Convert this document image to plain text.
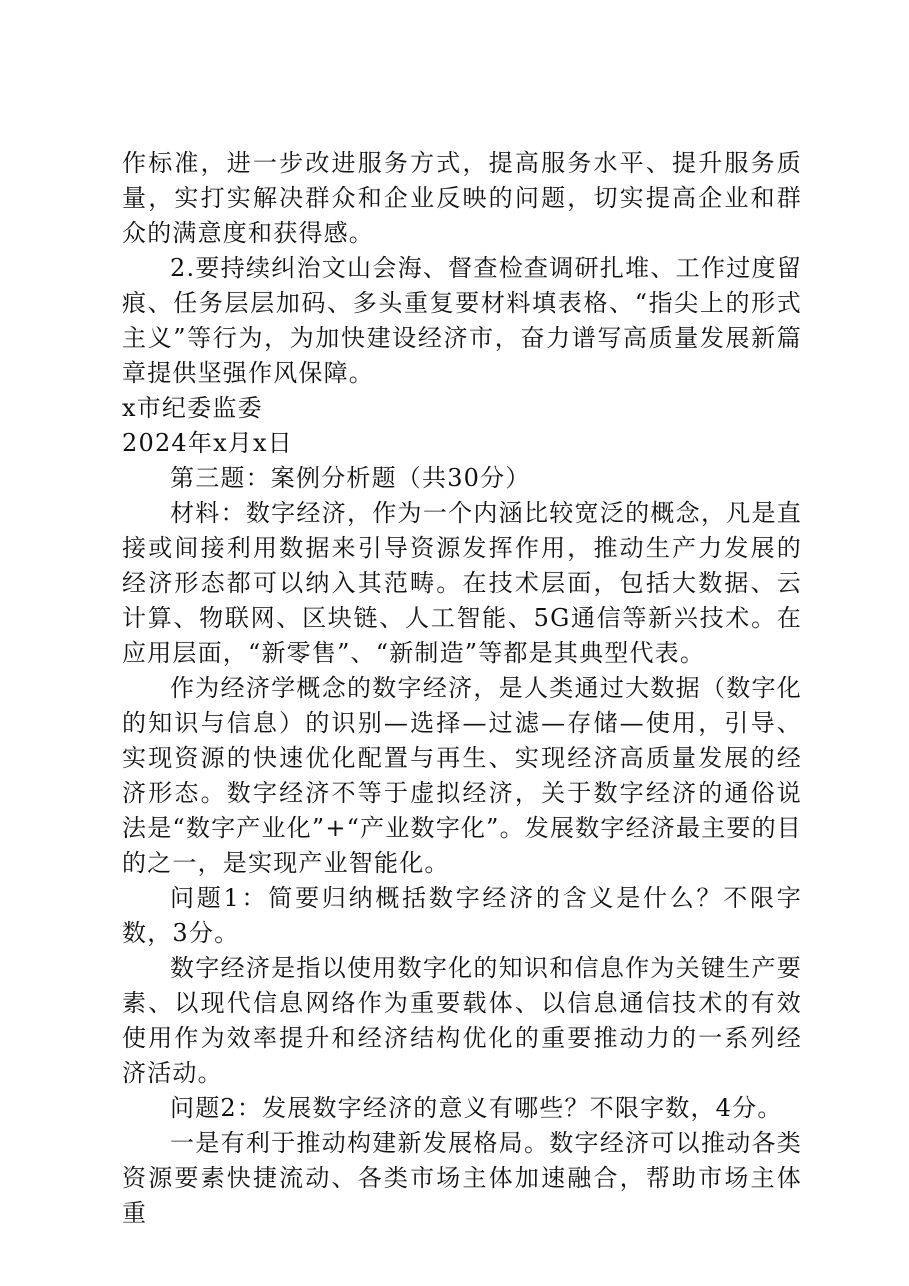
作标准，进一步改进服务方式，提高服务水平、提升服务质量，实打实解决群众和企业反映的问题，切实提高企业和群众的满意度和获得感。

2.要持续纠治文山会海、督查检查调研扎堆、工作过度留痕、任务层层加码、多头重复要材料填表格、“指尖上的形式主义”等行为，为加快建设经济市，奋力谱写高质量发展新篇章提供坚强作风保障。

x市纪委监委

2024年x月x日

第三题：案例分析题（共30分）

材料：数字经济，作为一个内涵比较宽泛的概念，凡是直接或间接利用数据来引导资源发挥作用，推动生产力发展的经济形态都可以纳入其范畴。在技术层面，包括大数据、云计算、物联网、区块链、人工智能、5G通信等新兴技术。在应用层面，“新零售”、“新制造”等都是其典型代表。

作为经济学概念的数字经济，是人类通过大数据（数字化的知识与信息）的识别—选择—过滤—存储—使用，引导、实现资源的快速优化配置与再生、实现经济高质量发展的经济形态。数字经济不等于虚拟经济，关于数字经济的通俗说法是“数字产业化”+“产业数字化”。发展数字经济最主要的目的之一，是实现产业智能化。

问题1：简要归纳概括数字经济的含义是什么？不限字数，3分。

数字经济是指以使用数字化的知识和信息作为关键生产要素、以现代信息网络作为重要载体、以信息通信技术的有效使用作为效率提升和经济结构优化的重要推动力的一系列经济活动。

问题2：发展数字经济的意义有哪些？不限字数，4分。

一是有利于推动构建新发展格局。数字经济可以推动各类资源要素快捷流动、各类市场主体加速融合，帮助市场主体重
